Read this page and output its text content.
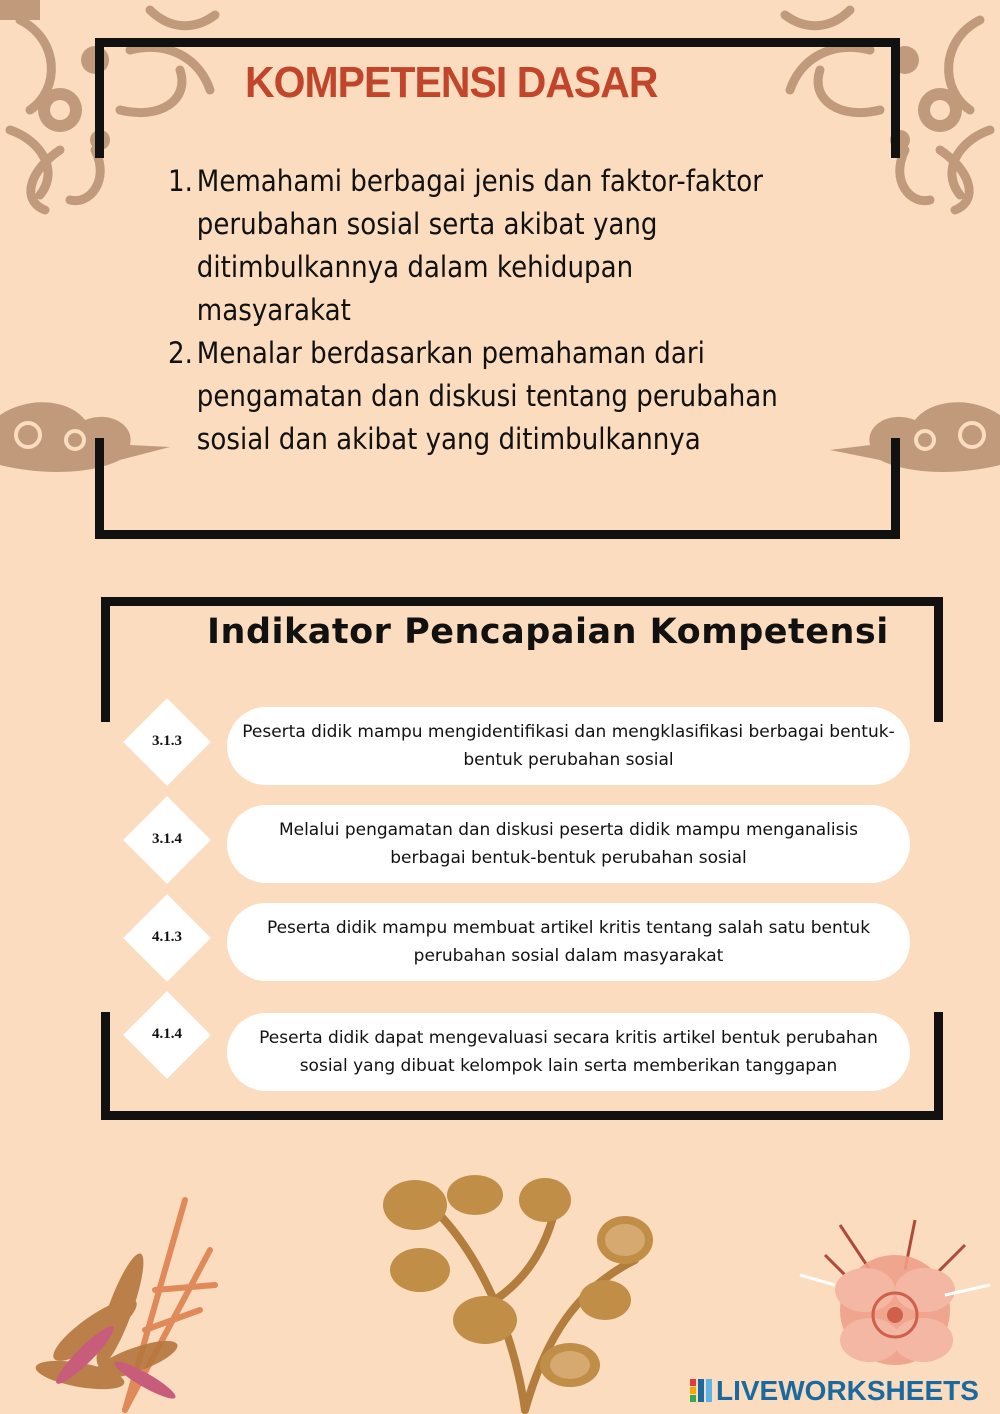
KOMPETENSI DASAR
1. Memahami berbagai jenis dan faktor-faktor perubahan sosial serta akibat yang ditimbulkannya dalam kehidupan masyarakat
2. Menalar berdasarkan pemahaman dari pengamatan dan diskusi tentang perubahan sosial dan akibat yang ditimbulkannya
Indikator Pencapaian Kompetensi
3.1.3	Peserta didik mampu mengidentifikasi dan mengklasifikasi berbagai bentuk-bentuk perubahan sosial
3.1.4	Melalui pengamatan dan diskusi peserta didik mampu menganalisis berbagai bentuk-bentuk perubahan sosial
4.1.3	Peserta didik mampu membuat artikel kritis tentang salah satu bentuk perubahan sosial dalam masyarakat
4.1.4	Peserta didik dapat mengevaluasi secara kritis artikel bentuk perubahan sosial yang dibuat kelompok lain serta memberikan tanggapan
LIVEWORKSHEETS
